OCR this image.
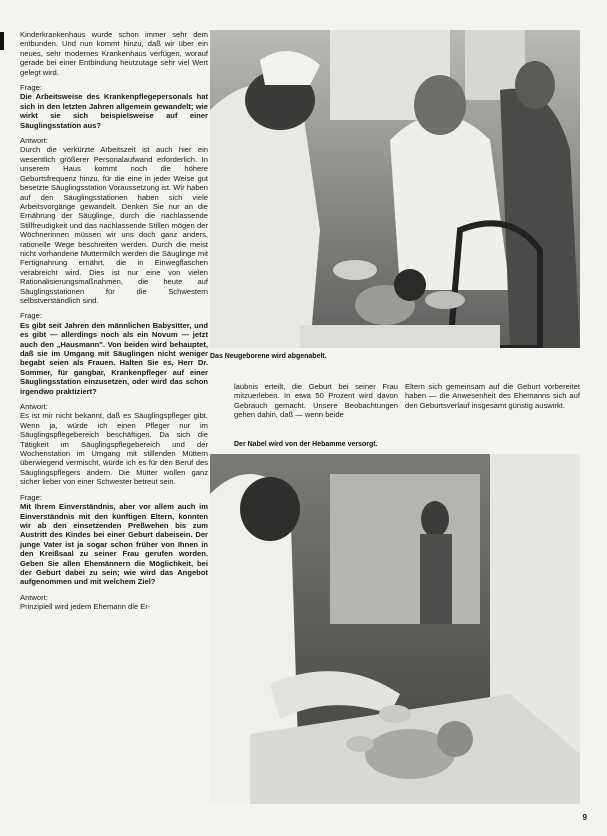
Kinderkrankenhaus wurde schon immer sehr dem entbunden. Und nun kommt hinzu, daß wir über ein neues, sehr modernes Krankenhaus verfügen, worauf gerade bei einer Entbindung heutzutage sehr viel Wert gelegt wird.

Frage:
Die Arbeitsweise des Krankenpflegepersonals hat sich in den letzten Jahren allgemein gewandelt; wie wirkt sie sich beispielsweise auf einer Säuglingsstation aus?

Antwort:
Durch die verkürzte Arbeitszeit ist auch hier ein wesentlich größerer Personalaufwand erforderlich. In unserem Haus kommt noch die höhere Geburtsfrequenz hinzu, für die eine in jeder Weise gut besetzte Säuglingsstation Voraussetzung ist. Wir haben auf den Säuglingsstationen haben sich viele Arbeitsvorgänge gewandelt. Denken Sie nur an die Ernährung der Säuglinge, durch die nachlassende Stillfreudigkeit und das nachlassende Stillen mögen der Wöchnerinnen müssen wir uns doch ganz anders, rationelle Wege beschreiten werden. Durch die meist nicht vorhandene Muttermilch werden die Säuglinge mit Fertignahrung ernährt, die in Einwegflaschen verabreicht wird. Dies ist nur eine von vielen Rationalisierungsmaßnahmen, die heute auf Säuglingsstationen für die Schwestern selbstverständlich sind.

Frage:
Es gibt seit Jahren den männlichen Babysitter, und es gibt — allerdings noch als ein Novum — jetzt auch den „Hausmann". Von beiden wird behauptet, daß sie im Umgang mit Säuglingen nicht weniger begabt seien als Frauen. Halten Sie es, Herr Dr. Sommer, für gangbar, Krankenpfleger auf einer Säuglingsstation einzusetzen, oder wird das schon irgendwo praktiziert?

Antwort:
Es ist mir nicht bekannt, daß es Säuglingspfleger gibt. Wenn ja, würde ich einen Pfleger nur im Säuglingspflegebereich beschäftigen. Da sich die Tätigkeit im Säuglingspflegebereich und der Wochenstation im Umgang mit stillenden Müttern überwiegend vermischt, würde ich es für den Beruf des Säuglingspflegers ändern. Die Mütter wollen ganz sicher lieber von einer Schwester betreut sein.

Frage:
Mit Ihrem Einverständnis, aber vor allem auch im Einverständnis mit den künftigen Eltern, konnten wir ab den einsetzenden Preßwehen bis zum Austritt des Kindes bei einer Geburt dabeisein. Der junge Vater ist ja sogar schon früher von Ihnen in den Kreißsaal zu seiner Frau gerufen worden. Geben Sie allen Ehemännern die Möglichkeit, bei der Geburt dabei zu sein; wie wird das Angebot aufgenommen und mit welchem Ziel?

Antwort:
Prinzipiell wird jedem Ehemann die Er-

Das Neugeborene wird abgenabelt.
laubnis erteilt, die Geburt bei seiner Frau mitzuerleben. In etwa 50 Prozent wird davon Gebrauch gemacht. Unsere Beobachtungen gehen dahin, daß — wenn beide
Eltern sich gemeinsam auf die Geburt vorbereitet haben — die Anwesenheit des Ehemanns sich auf den Geburtsverlauf insgesamt günstig auswirkt.
Der Nabel wird von der Hebamme versorgt.
9
